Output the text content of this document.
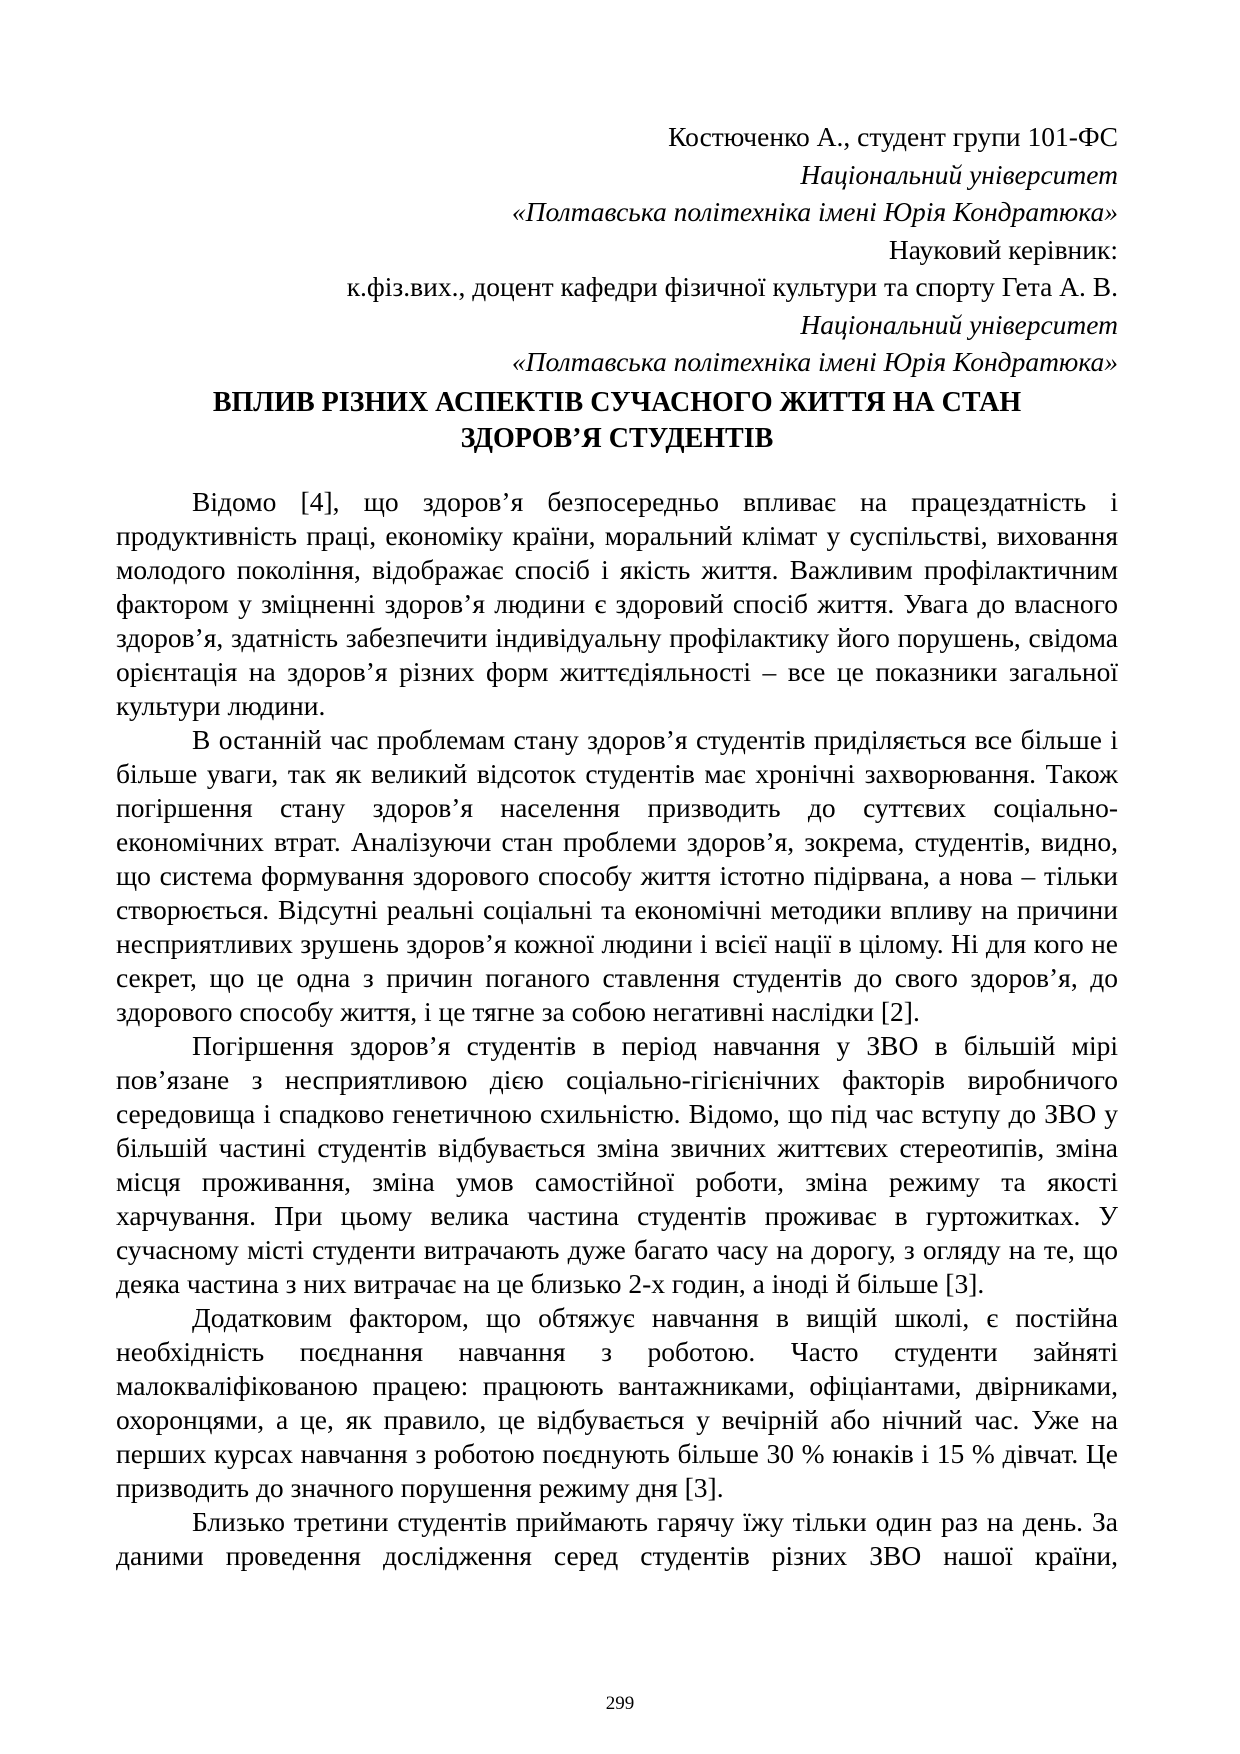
Костюченко А., студент групи 101-ФС
Національний університет
«Полтавська політехніка імені Юрія Кондратюка»
Науковий керівник:
к.фіз.вих., доцент кафедри фізичної культури та спорту Гета А. В.
Національний університет
«Полтавська політехніка імені Юрія Кондратюка»
ВПЛИВ РІЗНИХ АСПЕКТІВ СУЧАСНОГО ЖИТТЯ НА СТАН
ЗДОРОВ’Я СТУДЕНТІВ

Відомо [4], що здоров’я безпосередньо впливає на працездатність і продуктивність праці, економіку країни, моральний клімат у суспільстві, виховання молодого покоління, відображає спосіб і якість життя. Важливим профілактичним фактором у зміцненні здоров’я людини є здоровий спосіб життя. Увага до власного здоров’я, здатність забезпечити індивідуальну профілактику його порушень, свідома орієнтація на здоров’я різних форм життєдіяльності – все це показники загальної культури людини.

В останній час проблемам стану здоров’я студентів приділяється все більше і більше уваги, так як великий відсоток студентів має хронічні захворювання. Також погіршення стану здоров’я населення призводить до суттєвих соціально-економічних втрат. Аналізуючи стан проблеми здоров’я, зокрема, студентів, видно, що система формування здорового способу життя істотно підірвана, а нова – тільки створюється. Відсутні реальні соціальні та економічні методики впливу на причини несприятливих зрушень здоров’я кожної людини і всієї нації в цілому. Ні для кого не секрет, що це одна з причин поганого ставлення студентів до свого здоров’я, до здорового способу життя, і це тягне за собою негативні наслідки [2].

Погіршення здоров’я студентів в період навчання у ЗВО в більшій мірі пов’язане з несприятливою дією соціально-гігієнічних факторів виробничого середовища і спадково генетичною схильністю. Відомо, що під час вступу до ЗВО у більшій частині студентів відбувається зміна звичних життєвих стереотипів, зміна місця проживання, зміна умов самостійної роботи, зміна режиму та якості харчування. При цьому велика частина студентів проживає в гуртожитках. У сучасному місті студенти витрачають дуже багато часу на дорогу, з огляду на те, що деяка частина з них витрачає на це близько 2-х годин, а іноді й більше [3].

Додатковим фактором, що обтяжує навчання в вищій школі, є постійна необхідність поєднання навчання з роботою. Часто студенти зайняті малокваліфікованою працею: працюють вантажниками, офіціантами, двірниками, охоронцями, а це, як правило, це відбувається у вечірній або нічний час. Уже на перших курсах навчання з роботою поєднують більше 30 % юнаків і 15 % дівчат. Це призводить до значного порушення режиму дня [3].

Близько третини студентів приймають гарячу їжу тільки один раз на день. За даними проведення дослідження серед студентів різних ЗВО нашої країни,

299
